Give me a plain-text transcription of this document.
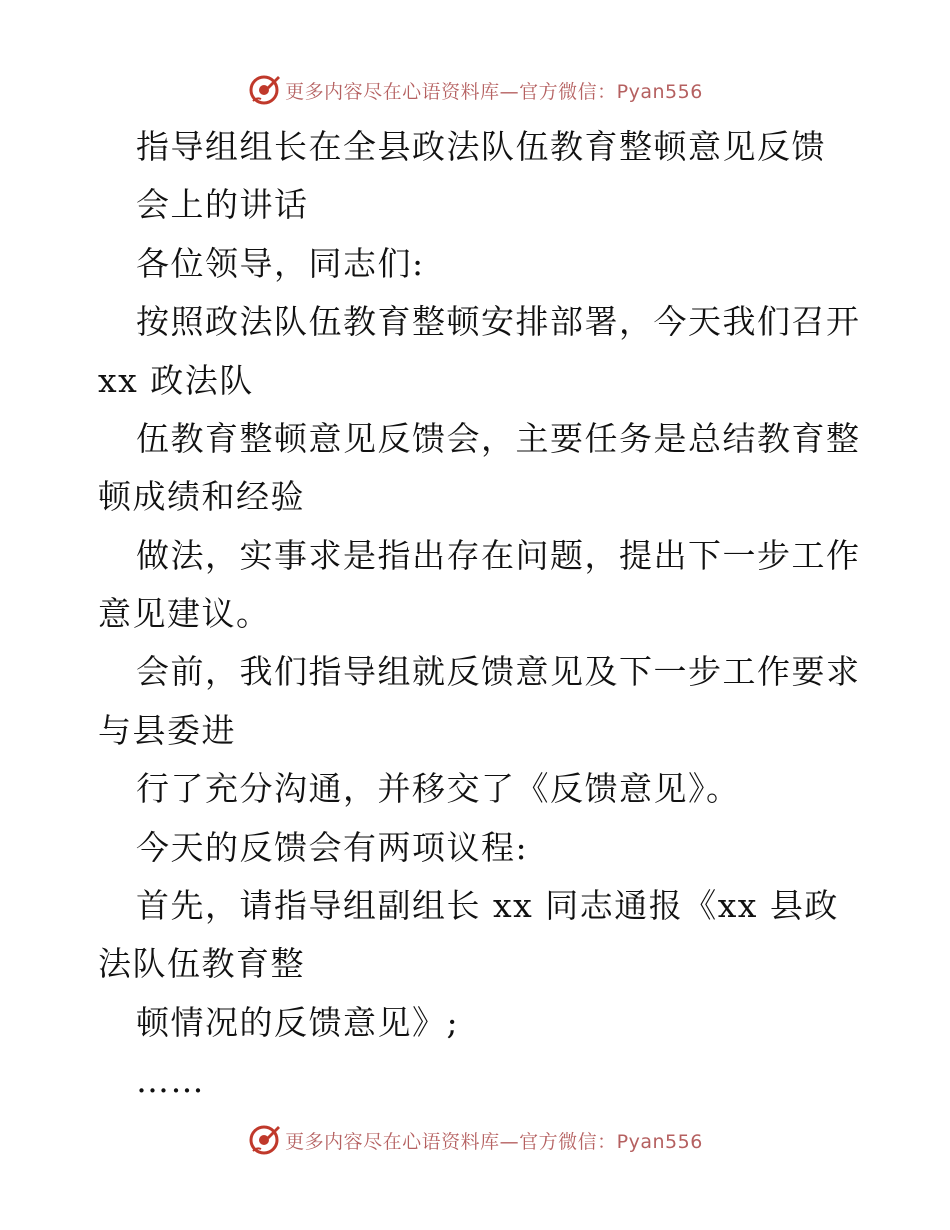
更多内容尽在心语资料库—官方微信：Pyan556
指导组组长在全县政法队伍教育整顿意见反馈
会上的讲话
各位领导，同志们:
按照政法队伍教育整顿安排部署，今天我们召开
xx 政法队
伍教育整顿意见反馈会，主要任务是总结教育整
顿成绩和经验
做法，实事求是指出存在问题，提出下一步工作
意见建议。
会前，我们指导组就反馈意见及下一步工作要求
与县委进
行了充分沟通，并移交了《反馈意见》。
今天的反馈会有两项议程:
首先，请指导组副组长 xx 同志通报《xx 县政
法队伍教育整
顿情况的反馈意见》;
……
更多内容尽在心语资料库—官方微信：Pyan556
